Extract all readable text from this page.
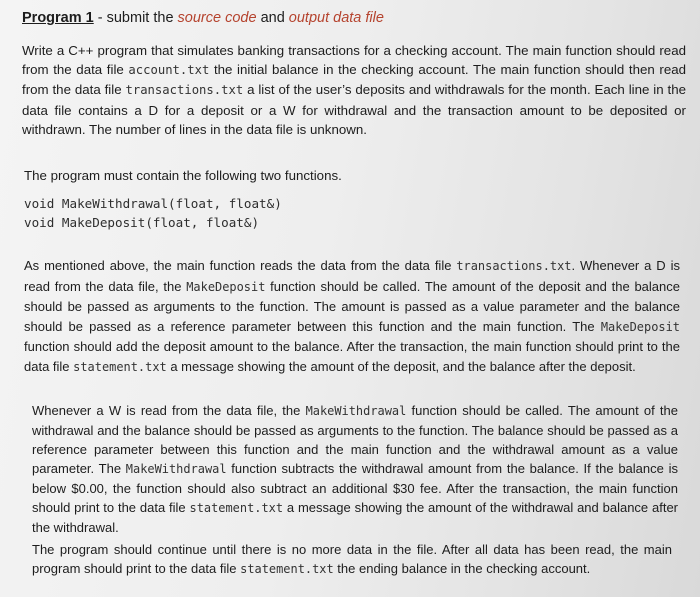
Program 1 - submit the source code and output data file

Write a C++ program that simulates banking transactions for a checking account. The main function should read from the data file account.txt the initial balance in the checking account. The main function should then read from the data file transactions.txt a list of the user’s deposits and withdrawals for the month. Each line in the data file contains a D for a deposit or a W for withdrawal and the transaction amount to be deposited or withdrawn. The number of lines in the data file is unknown.

The program must contain the following two functions.

void MakeWithdrawal(float, float&)
void MakeDeposit(float, float&)

As mentioned above, the main function reads the data from the data file transactions.txt. Whenever a D is read from the data file, the MakeDeposit function should be called. The amount of the deposit and the balance should be passed as arguments to the function. The amount is passed as a value parameter and the balance should be passed as a reference parameter between this function and the main function. The MakeDeposit function should add the deposit amount to the balance. After the transaction, the main function should print to the data file statement.txt a message showing the amount of the deposit, and the balance after the deposit.

Whenever a W is read from the data file, the MakeWithdrawal function should be called. The amount of the withdrawal and the balance should be passed as arguments to the function. The balance should be passed as a reference parameter between this function and the main function and the withdrawal amount as a value parameter. The MakeWithdrawal function subtracts the withdrawal amount from the balance. If the balance is below $0.00, the function should also subtract an additional $30 fee. After the transaction, the main function should print to the data file statement.txt a message showing the amount of the withdrawal and balance after the withdrawal.

The program should continue until there is no more data in the file. After all data has been read, the main program should print to the data file statement.txt the ending balance in the checking account.
